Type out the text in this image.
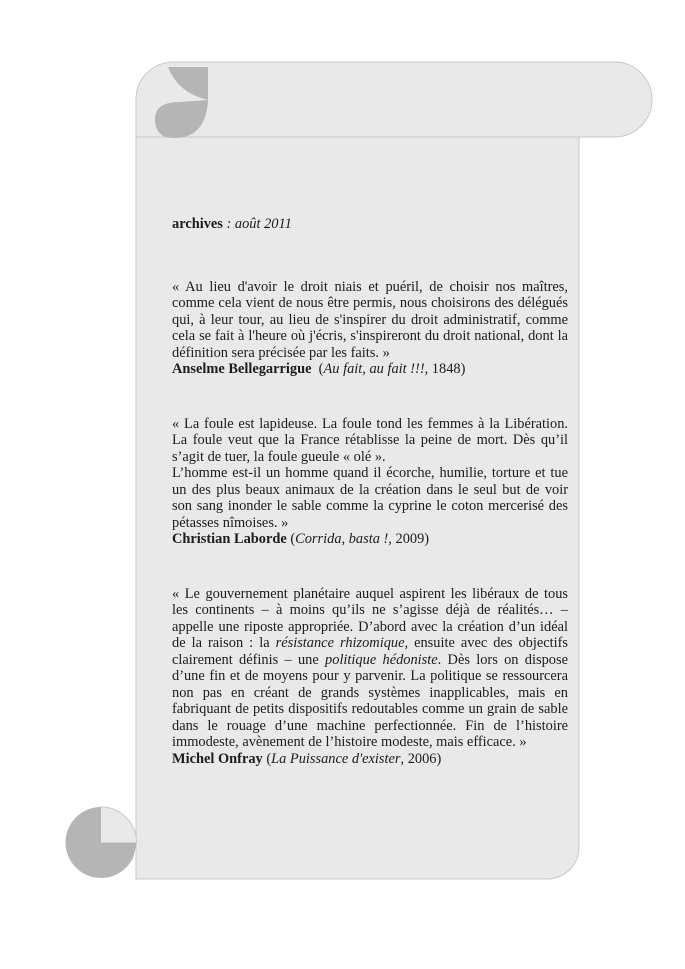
archives : août 2011

« Au lieu d'avoir le droit niais et puéril, de choisir nos maîtres, comme cela vient de nous être permis, nous choisirons des délégués qui, à leur tour, au lieu de s'inspirer du droit administratif, comme cela se fait à l'heure où j'écris, s'inspireront du droit national, dont la définition sera précisée par les faits. »

Anselme Bellegarrigue  (Au fait, au fait !!!, 1848)

« La foule est lapideuse. La foule tond les femmes à la Libération. La foule veut que la France rétablisse la peine de mort. Dès qu’il s’agit de tuer, la foule gueule « olé ».

L’homme est-il un homme quand il écorche, humilie, torture et tue un des plus beaux animaux de la création dans le seul but de voir son sang inonder le sable comme la cyprine le coton mercerisé des pétasses nîmoises. »

Christian Laborde (Corrida, basta !, 2009)

« Le gouvernement planétaire auquel aspirent les libéraux de tous les continents – à moins qu’ils ne s’agisse déjà de réalités… – appelle une riposte appropriée. D’abord avec la création d’un idéal de la raison : la résistance rhizomique, ensuite avec des objectifs clairement définis – une politique hédoniste. Dès lors on dispose d’une fin et de moyens pour y parvenir. La politique se ressourcera non pas en créant de grands systèmes inapplicables, mais en fabriquant de petits dispositifs redoutables comme un grain de sable dans le rouage d’une machine perfectionnée. Fin de l’histoire immodeste, avènement de l’histoire modeste, mais efficace. »

Michel Onfray (La Puissance d'exister, 2006)
